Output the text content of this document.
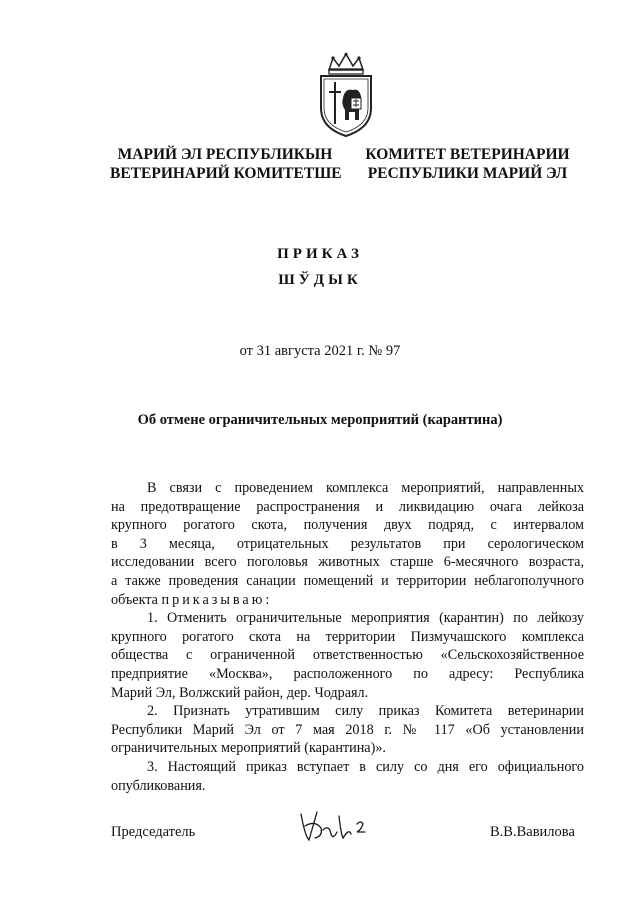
МАРИЙ ЭЛ РЕСПУБЛИКЫН
ВЕТЕРИНАРИЙ КОМИТЕТШЕ
КОМИТЕТ ВЕТЕРИНАРИИ
РЕСПУБЛИКИ МАРИЙ ЭЛ
ПРИКАЗ
ШЎДЫК
от 31 августа 2021 г. № 97
Об отмене ограничительных мероприятий (карантина)
В связи с проведением комплекса мероприятий, направленных
на предотвращение распространения и ликвидацию очага лейкоза
крупного рогатого скота, получения двух подряд, с интервалом
в 3 месяца, отрицательных результатов при серологическом
исследовании всего поголовья животных старше 6-месячного возраста,
а также проведения санации помещений и территории неблагополучного
объекта приказываю:
1. Отменить ограничительные мероприятия (карантин) по лейкозу
крупного рогатого скота на территории Пизмучашского комплекса
общества с ограниченной ответственностью «Сельскохозяйственное
предприятие «Москва», расположенного по адресу: Республика
Марий Эл, Волжский район, дер. Чодраял.
2. Признать утратившим силу приказ Комитета ветеринарии
Республики Марий Эл от 7 мая 2018 г. № 117 «Об установлении
ограничительных мероприятий (карантина)».
3. Настоящий приказ вступает в силу со дня его официального
опубликования.
Председатель	В.В.Вавилова
